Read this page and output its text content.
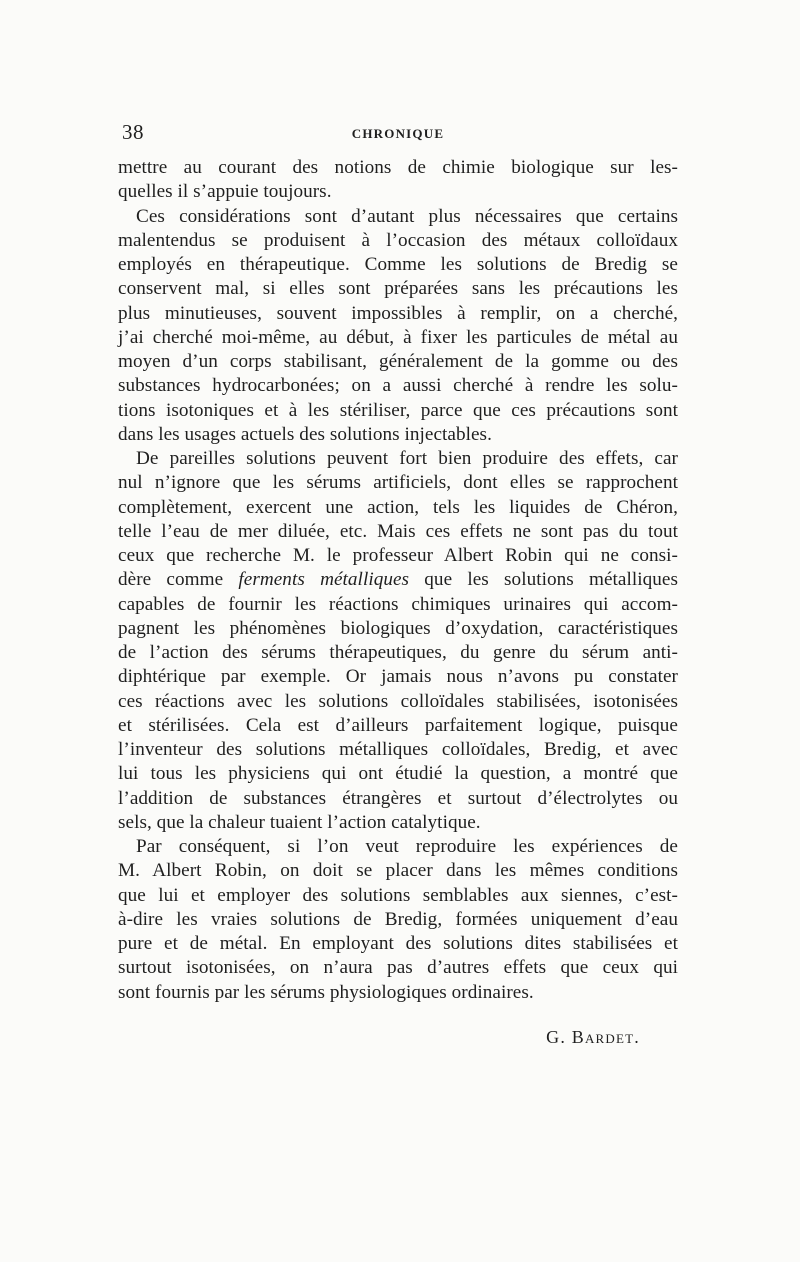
38	CHRONIQUE
mettre au courant des notions de chimie biologique sur les-
quelles il s’appuie toujours.
Ces considérations sont d’autant plus nécessaires que certains
malentendus se produisent à l’occasion des métaux colloïdaux
employés en thérapeutique. Comme les solutions de Bredig se
conservent mal, si elles sont préparées sans les précautions les
plus minutieuses, souvent impossibles à remplir, on a cherché,
j’ai cherché moi-même, au début, à fixer les particules de métal au
moyen d’un corps stabilisant, généralement de la gomme ou des
substances hydrocarbonées; on a aussi cherché à rendre les solu-
tions isotoniques et à les stériliser, parce que ces précautions sont
dans les usages actuels des solutions injectables.
De pareilles solutions peuvent fort bien produire des effets, car
nul n’ignore que les sérums artificiels, dont elles se rapprochent
complètement, exercent une action, tels les liquides de Chéron,
telle l’eau de mer diluée, etc. Mais ces effets ne sont pas du tout
ceux que recherche M. le professeur Albert Robin qui ne consi-
dère comme ferments métalliques que les solutions métalliques
capables de fournir les réactions chimiques urinaires qui accom-
pagnent les phénomènes biologiques d’oxydation, caractéristiques
de l’action des sérums thérapeutiques, du genre du sérum anti-
diphtérique par exemple. Or jamais nous n’avons pu constater
ces réactions avec les solutions colloïdales stabilisées, isotonisées
et stérilisées. Cela est d’ailleurs parfaitement logique, puisque
l’inventeur des solutions métalliques colloïdales, Bredig, et avec
lui tous les physiciens qui ont étudié la question, a montré que
l’addition de substances étrangères et surtout d’électrolytes ou
sels, que la chaleur tuaient l’action catalytique.
Par conséquent, si l’on veut reproduire les expériences de
M. Albert Robin, on doit se placer dans les mêmes conditions
que lui et employer des solutions semblables aux siennes, c’est-
à-dire les vraies solutions de Bredig, formées uniquement d’eau
pure et de métal. En employant des solutions dites stabilisées et
surtout isotonisées, on n’aura pas d’autres effets que ceux qui
sont fournis par les sérums physiologiques ordinaires.
G. Bardet.
